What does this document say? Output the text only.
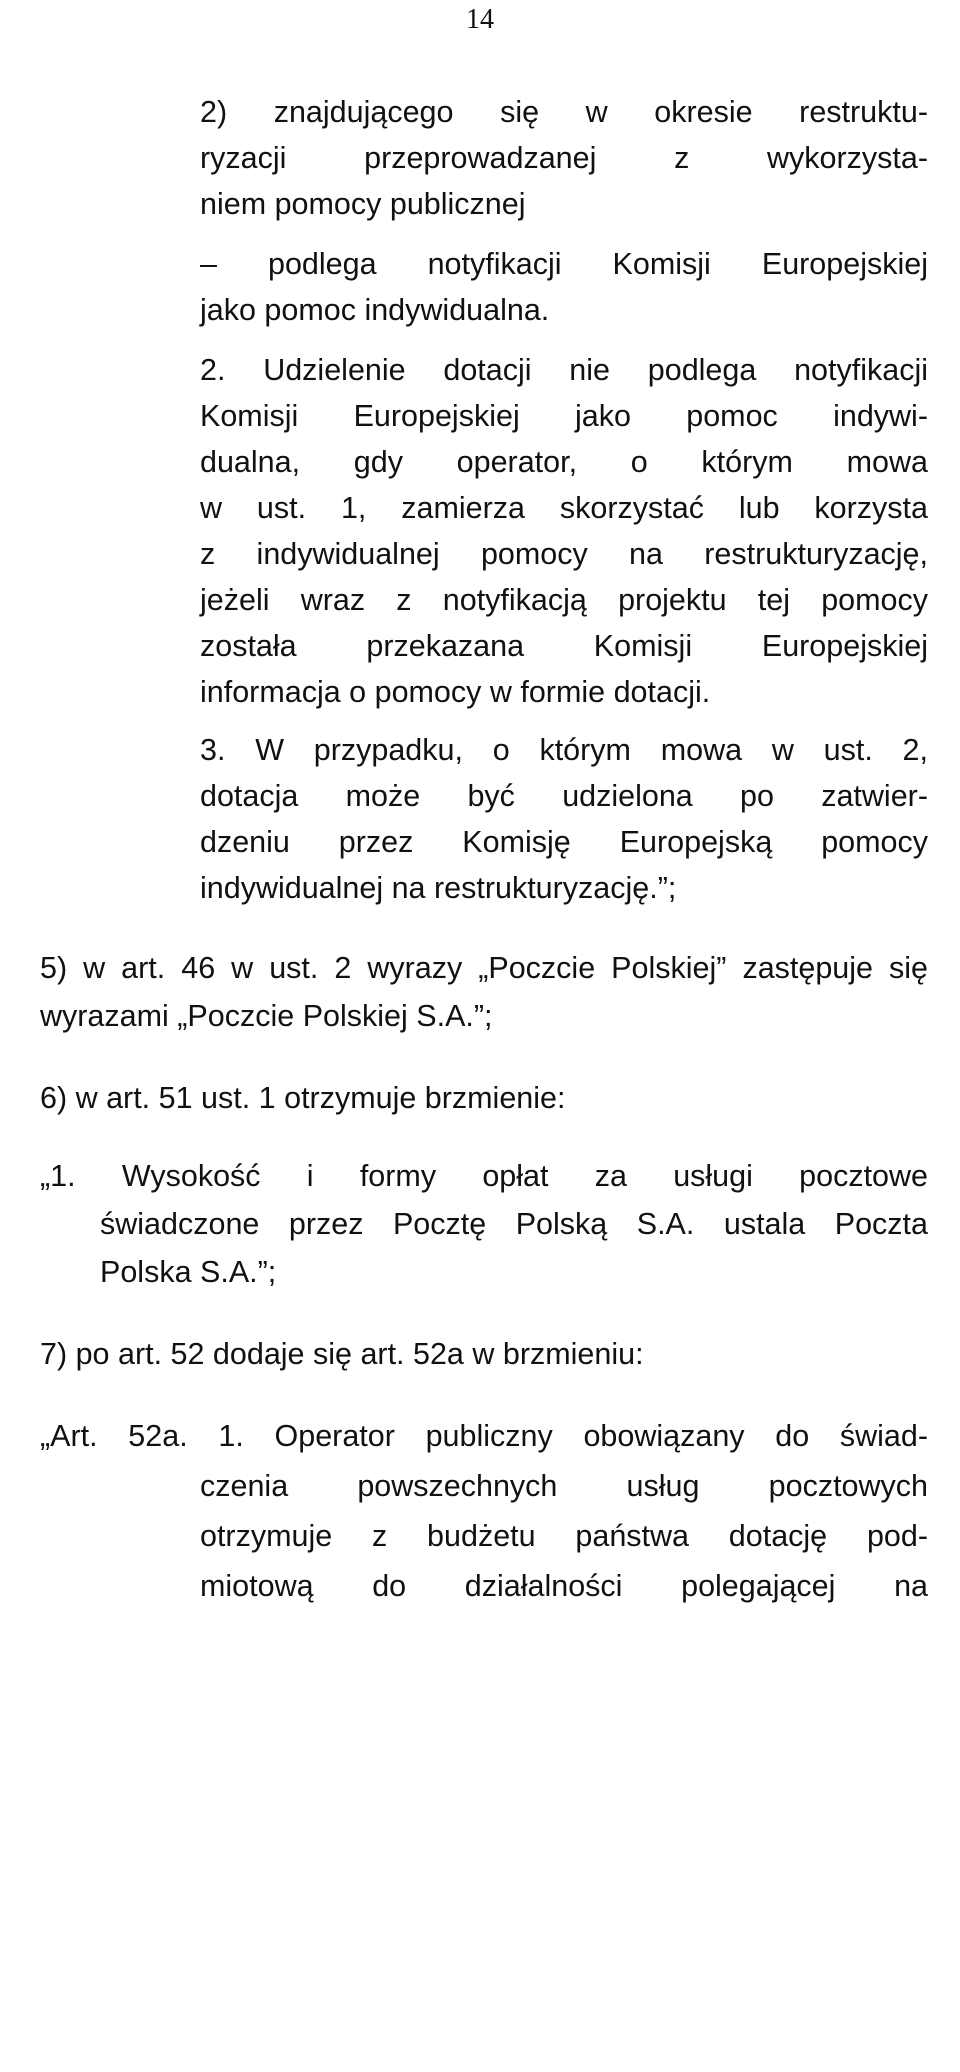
14

2) znajdującego się w okresie restruktu-

ryzacji przeprowadzanej z wykorzysta-

niem pomocy publicznej

– podlega notyfikacji Komisji Europejskiej

jako pomoc indywidualna.

2. Udzielenie dotacji nie podlega notyfikacji

Komisji Europejskiej jako pomoc indywi-

dualna, gdy operator, o którym mowa

w ust. 1, zamierza skorzystać lub korzysta

z indywidualnej pomocy na restrukturyzację,

jeżeli wraz z notyfikacją projektu tej pomocy

została przekazana Komisji Europejskiej

informacja o pomocy w formie dotacji.

3. W przypadku, o którym mowa w ust. 2,

dotacja może być udzielona po zatwier-

dzeniu przez Komisję Europejską pomocy

indywidualnej na restrukturyzację.”;

5) w art. 46 w ust. 2 wyrazy „Poczcie Polskiej” zastępuje się

wyrazami „Poczcie Polskiej S.A.”;

6) w art. 51 ust. 1 otrzymuje brzmienie:

„1. Wysokość i formy opłat za usługi pocztowe

świadczone przez Pocztę Polską S.A. ustala Poczta

Polska S.A.”;

7) po art. 52 dodaje się art. 52a w brzmieniu:

„Art. 52a. 1. Operator publiczny obowiązany do świad-

czenia powszechnych usług pocztowych

otrzymuje z budżetu państwa dotację pod-

miotową do działalności polegającej na
